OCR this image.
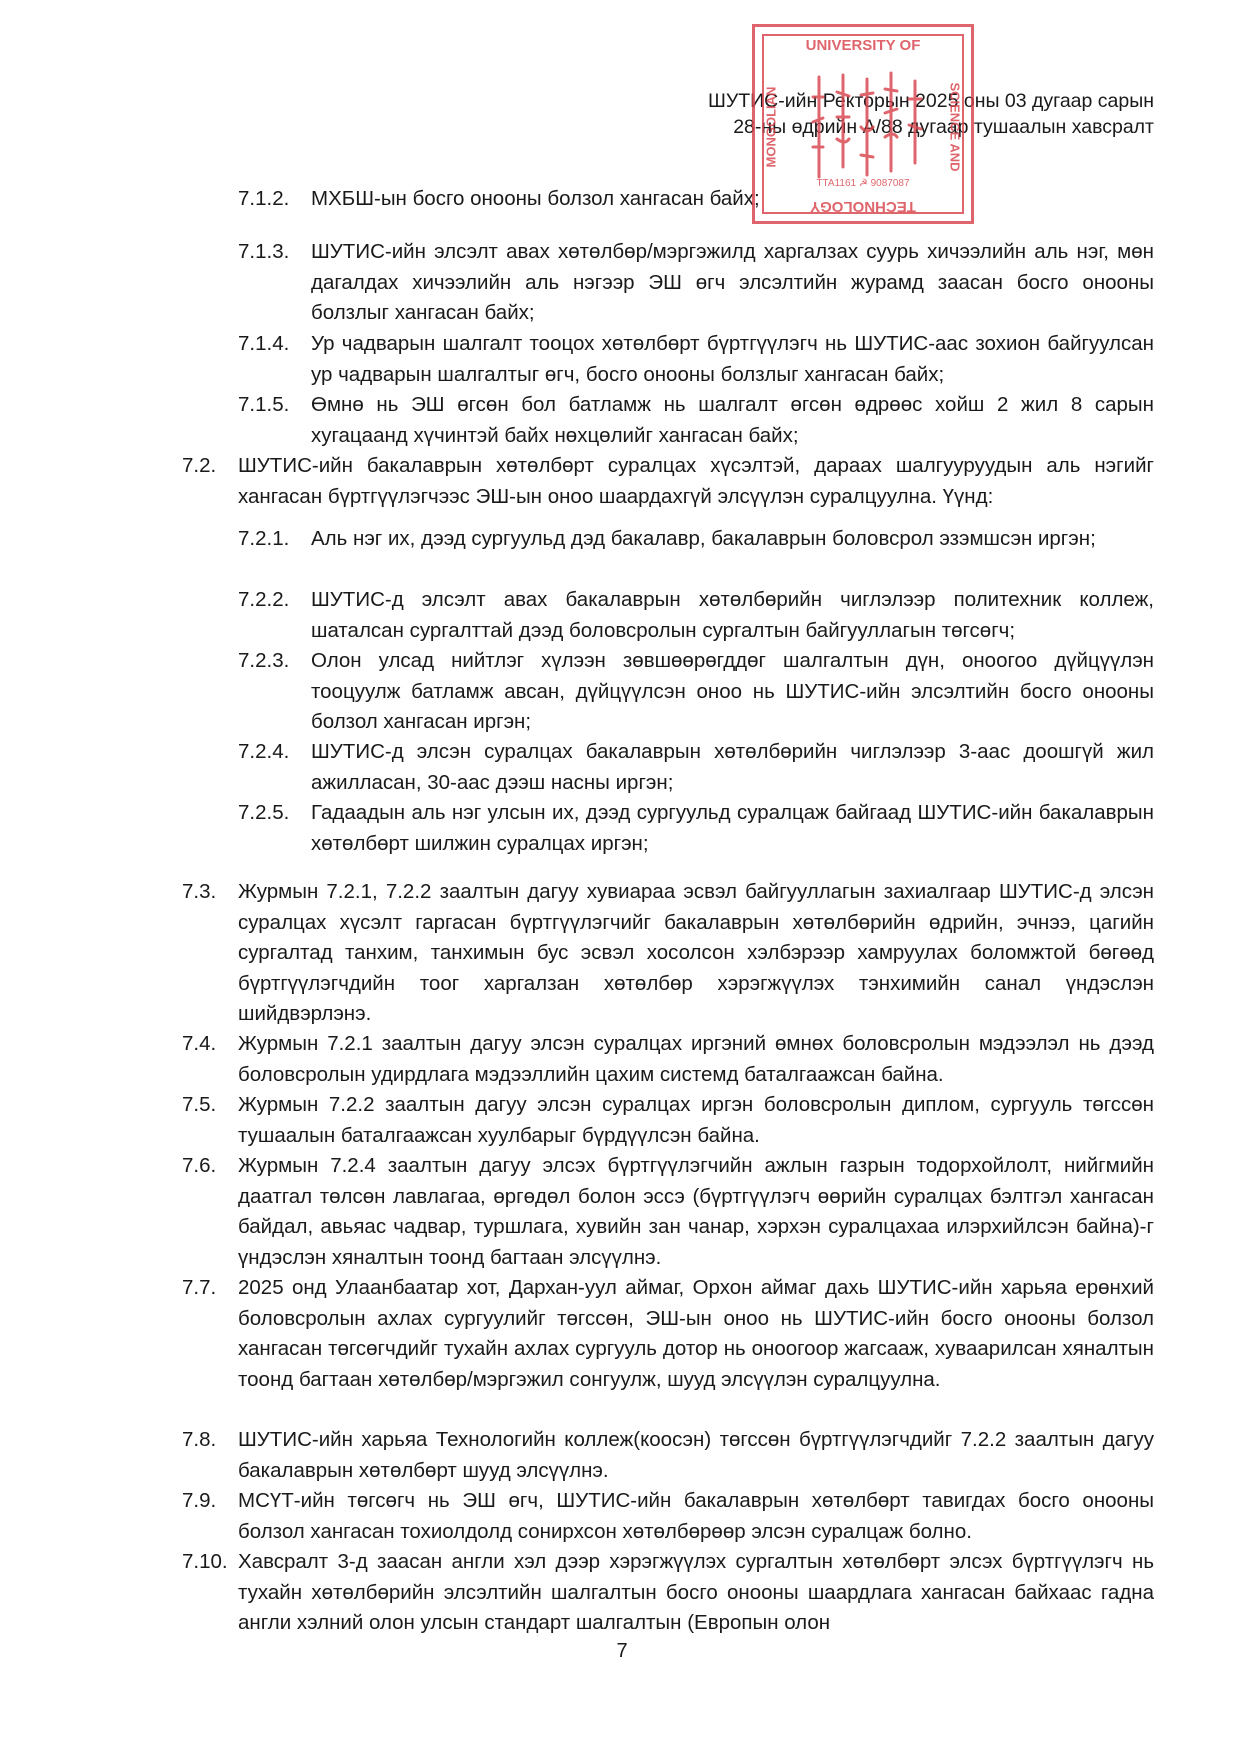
ШУТИС-ийн Ректорын 2025 оны 03 дугаар сарын
28-ны өдрийн А/88 дугаар тушаалын хавсралт
UNIVERSITY OF
TECHNOLOGY
MONGOLIAN	SCIENCE AND
TTA1161 ☭ 9087087
7.1.2. МХБШ-ын босго онооны болзол хангасан байх;
7.1.3. ШУТИС-ийн элсэлт авах хөтөлбөр/мэргэжилд харгалзах суурь хичээлийн аль нэг, мөн дагалдах хичээлийн аль нэгээр ЭШ өгч элсэлтийн журамд заасан босго онооны болзлыг хангасан байх;
7.1.4. Ур чадварын шалгалт тооцох хөтөлбөрт бүртгүүлэгч нь ШУТИС-аас зохион байгуулсан ур чадварын шалгалтыг өгч, босго онооны болзлыг хангасан байх;
7.1.5. Өмнө нь ЭШ өгсөн бол батламж нь шалгалт өгсөн өдрөөс хойш 2 жил 8 сарын хугацаанд хүчинтэй байх нөхцөлийг хангасан байх;
7.2. ШУТИС-ийн бакалаврын хөтөлбөрт суралцах хүсэлтэй, дараах шалгууруудын аль нэгийг хангасан бүртгүүлэгчээс ЭШ-ын оноо шаардахгүй элсүүлэн суралцуулна. Үүнд:
7.2.1. Аль нэг их, дээд сургуульд дэд бакалавр, бакалаврын боловсрол эзэмшсэн иргэн;
7.2.2. ШУТИС-д элсэлт авах бакалаврын хөтөлбөрийн чиглэлээр политехник коллеж, шаталсан сургалттай дээд боловсролын сургалтын байгууллагын төгсөгч;
7.2.3. Олон улсад нийтлэг хүлээн зөвшөөрөгддөг шалгалтын дүн, оноогоо дүйцүүлэн тооцуулж батламж авсан, дүйцүүлсэн оноо нь ШУТИС-ийн элсэлтийн босго онооны болзол хангасан иргэн;
7.2.4. ШУТИС-д элсэн суралцах бакалаврын хөтөлбөрийн чиглэлээр 3-аас доошгүй жил ажилласан, 30-аас дээш насны иргэн;
7.2.5. Гадаадын аль нэг улсын их, дээд сургуульд суралцаж байгаад ШУТИС-ийн бакалаврын хөтөлбөрт шилжин суралцах иргэн;
7.3. Журмын 7.2.1, 7.2.2 заалтын дагуу хувиараа эсвэл байгууллагын захиалгаар ШУТИС-д элсэн суралцах хүсэлт гаргасан бүртгүүлэгчийг бакалаврын хөтөлбөрийн өдрийн, эчнээ, цагийн сургалтад танхим, танхимын бус эсвэл хосолсон хэлбэрээр хамруулах боломжтой бөгөөд бүртгүүлэгчдийн тоог харгалзан хөтөлбөр хэрэгжүүлэх тэнхимийн санал үндэслэн шийдвэрлэнэ.
7.4. Журмын 7.2.1 заалтын дагуу элсэн суралцах иргэний өмнөх боловсролын мэдээлэл нь дээд боловсролын удирдлага мэдээллийн цахим системд баталгаажсан байна.
7.5. Журмын 7.2.2 заалтын дагуу элсэн суралцах иргэн боловсролын диплом, сургууль төгссөн тушаалын баталгаажсан хуулбарыг бүрдүүлсэн байна.
7.6. Журмын 7.2.4 заалтын дагуу элсэх бүртгүүлэгчийн ажлын газрын тодорхойлолт, нийгмийн даатгал төлсөн лавлагаа, өргөдөл болон эссэ (бүртгүүлэгч өөрийн суралцах бэлтгэл хангасан байдал, авьяас чадвар, туршлага, хувийн зан чанар, хэрхэн суралцахаа илэрхийлсэн байна)-г үндэслэн хяналтын тоонд багтаан элсүүлнэ.
7.7. 2025 онд Улаанбаатар хот, Дархан-уул аймаг, Орхон аймаг дахь ШУТИС-ийн харьяа ерөнхий боловсролын ахлах сургуулийг төгссөн, ЭШ-ын оноо нь ШУТИС-ийн босго онооны болзол хангасан төгсөгчдийг тухайн ахлах сургууль дотор нь оноогоор жагсааж, хуваарилсан хяналтын тоонд багтаан хөтөлбөр/мэргэжил сонгуулж, шууд элсүүлэн суралцуулна.
7.8. ШУТИС-ийн харьяа Технологийн коллеж(коосэн) төгссөн бүртгүүлэгчдийг 7.2.2 заалтын дагуу бакалаврын хөтөлбөрт шууд элсүүлнэ.
7.9. МСҮТ-ийн төгсөгч нь ЭШ өгч, ШУТИС-ийн бакалаврын хөтөлбөрт тавигдах босго онооны болзол хангасан тохиолдолд сонирхсон хөтөлбөрөөр элсэн суралцаж болно.
7.10. Хавсралт 3-д заасан англи хэл дээр хэрэгжүүлэх сургалтын хөтөлбөрт элсэх бүртгүүлэгч нь тухайн хөтөлбөрийн элсэлтийн шалгалтын босго онооны шаардлага хангасан байхаас гадна англи хэлний олон улсын стандарт шалгалтын (Европын олон
7
